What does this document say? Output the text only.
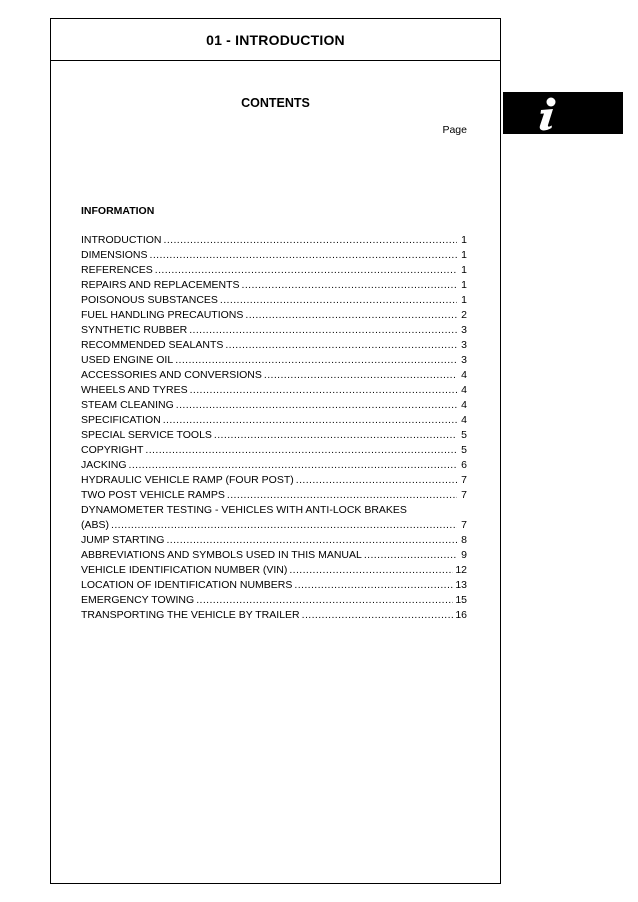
01 - INTRODUCTION
CONTENTS
Page
INFORMATION
INTRODUCTION .....	1
DIMENSIONS .....	1
REFERENCES .....	1
REPAIRS AND REPLACEMENTS .....	1
POISONOUS SUBSTANCES .....	1
FUEL HANDLING PRECAUTIONS .....	2
SYNTHETIC RUBBER .....	3
RECOMMENDED SEALANTS .....	3
USED ENGINE OIL .....	3
ACCESSORIES AND CONVERSIONS .....	4
WHEELS AND TYRES .....	4
STEAM CLEANING .....	4
SPECIFICATION .....	4
SPECIAL SERVICE TOOLS .....	5
COPYRIGHT .....	5
JACKING .....	6
HYDRAULIC VEHICLE RAMP (FOUR POST) .....	7
TWO POST VEHICLE RAMPS .....	7
DYNAMOMETER TESTING - VEHICLES WITH ANTI-LOCK BRAKES
(ABS) .....	7
JUMP STARTING .....	8
ABBREVIATIONS AND SYMBOLS USED IN THIS MANUAL .....	9
VEHICLE IDENTIFICATION NUMBER (VIN) .....	12
LOCATION OF IDENTIFICATION NUMBERS .....	13
EMERGENCY TOWING .....	15
TRANSPORTING THE VEHICLE BY TRAILER .....	16
